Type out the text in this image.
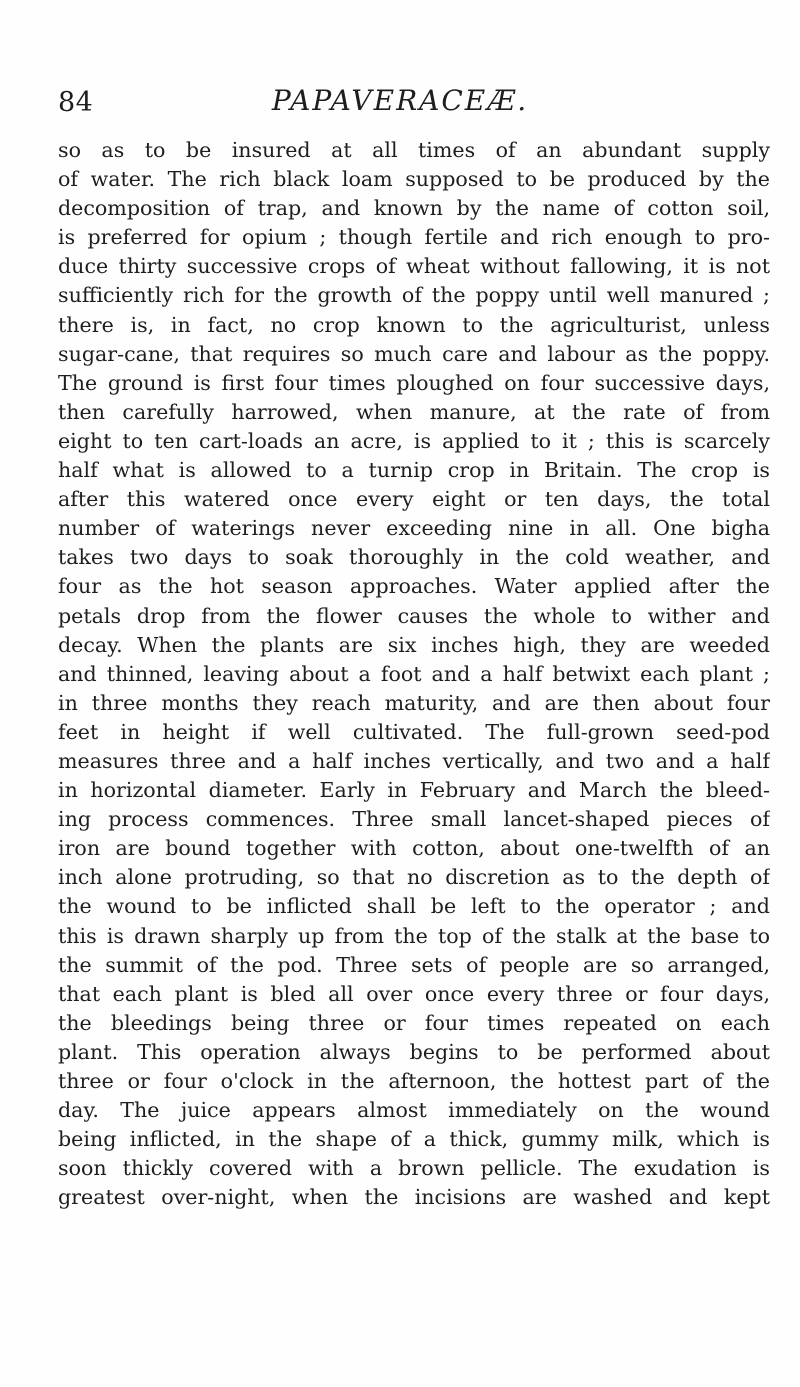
84	PAPAVERACEÆ.
so as to be insured at all times of an abundant supply
of water. The rich black loam supposed to be produced by the
decomposition of trap, and known by the name of cotton soil,
is preferred for opium ; though fertile and rich enough to pro-
duce thirty successive crops of wheat without fallowing, it is not
sufficiently rich for the growth of the poppy until well manured ;
there is, in fact, no crop known to the agriculturist, unless
sugar-cane, that requires so much care and labour as the poppy.
The ground is first four times ploughed on four successive days,
then carefully harrowed, when manure, at the rate of from
eight to ten cart-loads an acre, is applied to it ; this is scarcely
half what is allowed to a turnip crop in Britain. The crop is
after this watered once every eight or ten days, the total
number of waterings never exceeding nine in all. One bigha
takes two days to soak thoroughly in the cold weather, and
four as the hot season approaches. Water applied after the
petals drop from the flower causes the whole to wither and
decay. When the plants are six inches high, they are weeded
and thinned, leaving about a foot and a half betwixt each plant ;
in three months they reach maturity, and are then about four
feet in height if well cultivated. The full-grown seed-pod
measures three and a half inches vertically, and two and a half
in horizontal diameter. Early in February and March the bleed-
ing process commences. Three small lancet-shaped pieces of
iron are bound together with cotton, about one-twelfth of an
inch alone protruding, so that no discretion as to the depth of
the wound to be inflicted shall be left to the operator ; and
this is drawn sharply up from the top of the stalk at the base to
the summit of the pod. Three sets of people are so arranged,
that each plant is bled all over once every three or four days,
the bleedings being three or four times repeated on each
plant. This operation always begins to be performed about
three or four o'clock in the afternoon, the hottest part of the
day. The juice appears almost immediately on the wound
being inflicted, in the shape of a thick, gummy milk, which is
soon thickly covered with a brown pellicle. The exudation is
greatest over-night, when the incisions are washed and kept
